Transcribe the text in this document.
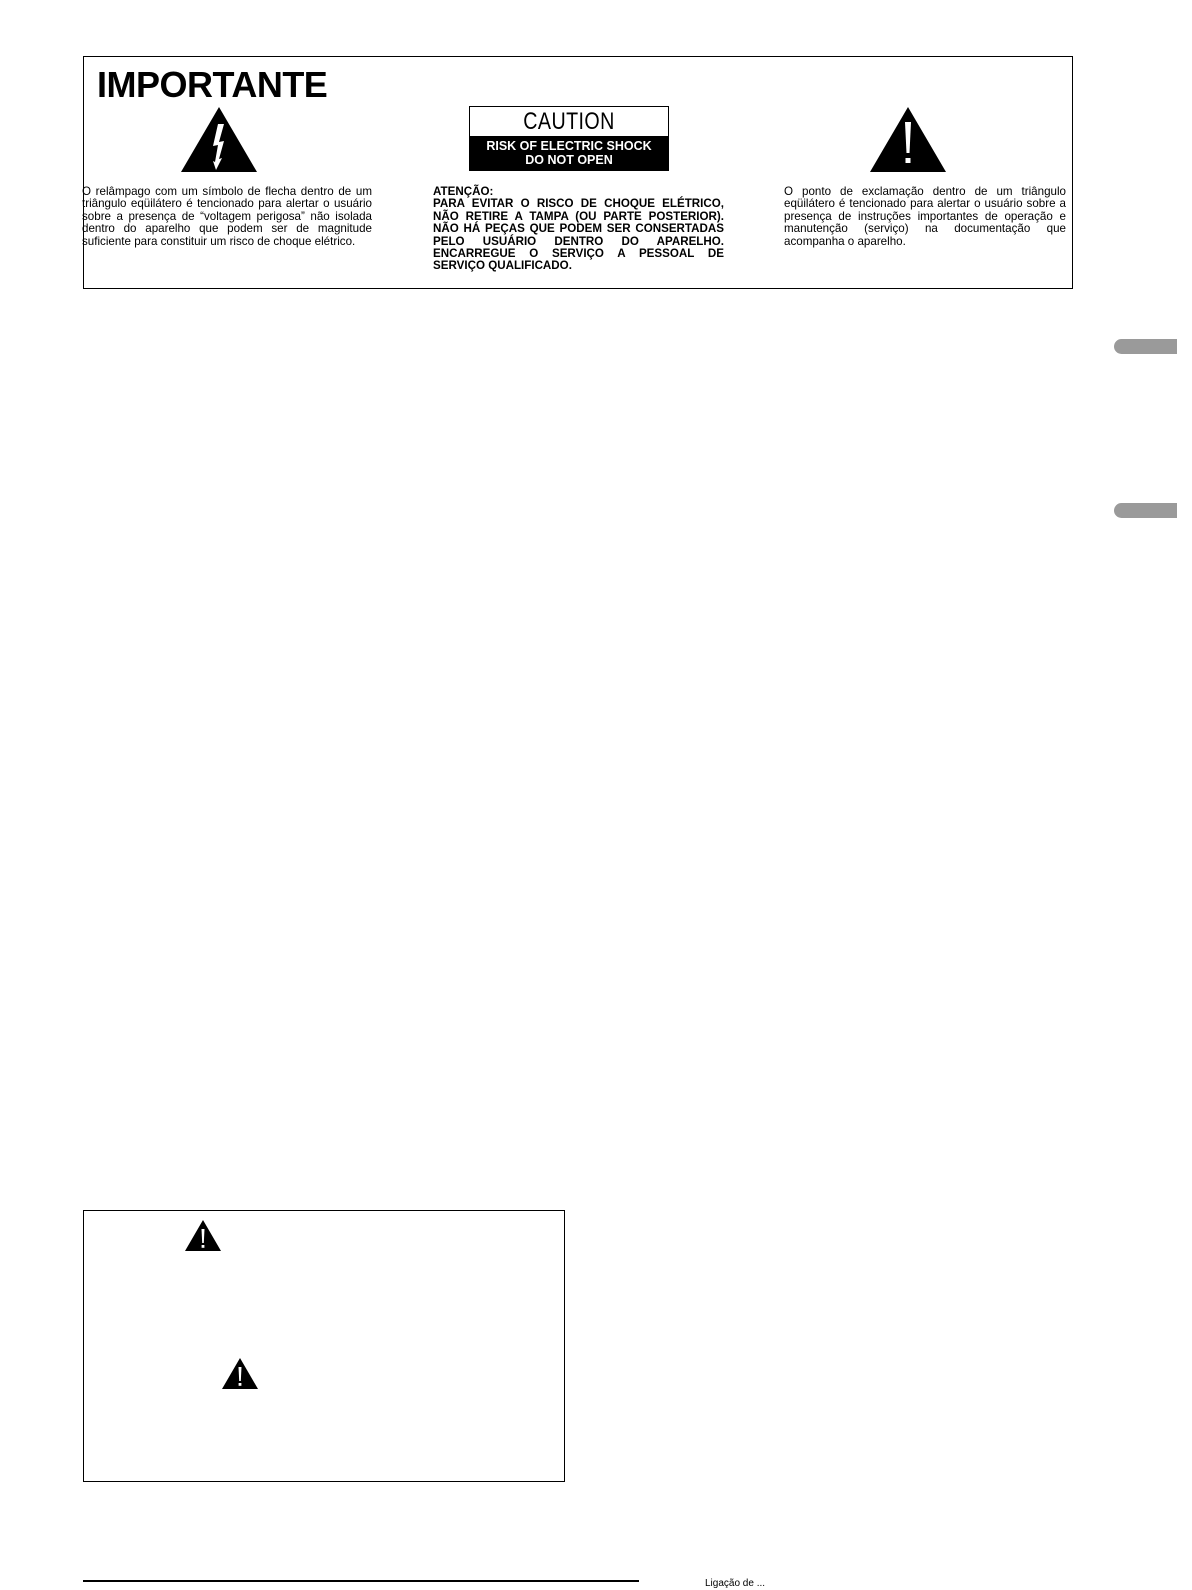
IMPORTANTE
CAUTION
RISK OF ELECTRIC SHOCK
DO NOT OPEN

O relâmpago com um símbolo de flecha dentro de um triângulo eqüilátero é tencionado para alertar o usuário sobre a presença de “voltagem perigosa” não isolada dentro do aparelho que podem ser de magnitude suficiente para constituir um risco de choque elétrico.

ATENÇÃO:

PARA EVITAR O RISCO DE CHOQUE ELÉTRICO, NÃO RETIRE A TAMPA (OU PARTE POSTERIOR). NÃO HÁ PEÇAS QUE PODEM SER CONSERTADAS PELO USUÁRIO DENTRO DO APARELHO. ENCARREGUE O SERVIÇO A PESSOAL DE SERVIÇO QUALIFICADO.

O ponto de exclamação dentro de um triângulo eqüilátero é tencionado para alertar o usuário sobre a presença de instruções importantes de operação e manutenção (serviço) na documentação que acompanha o aparelho.

Ligação de ...
